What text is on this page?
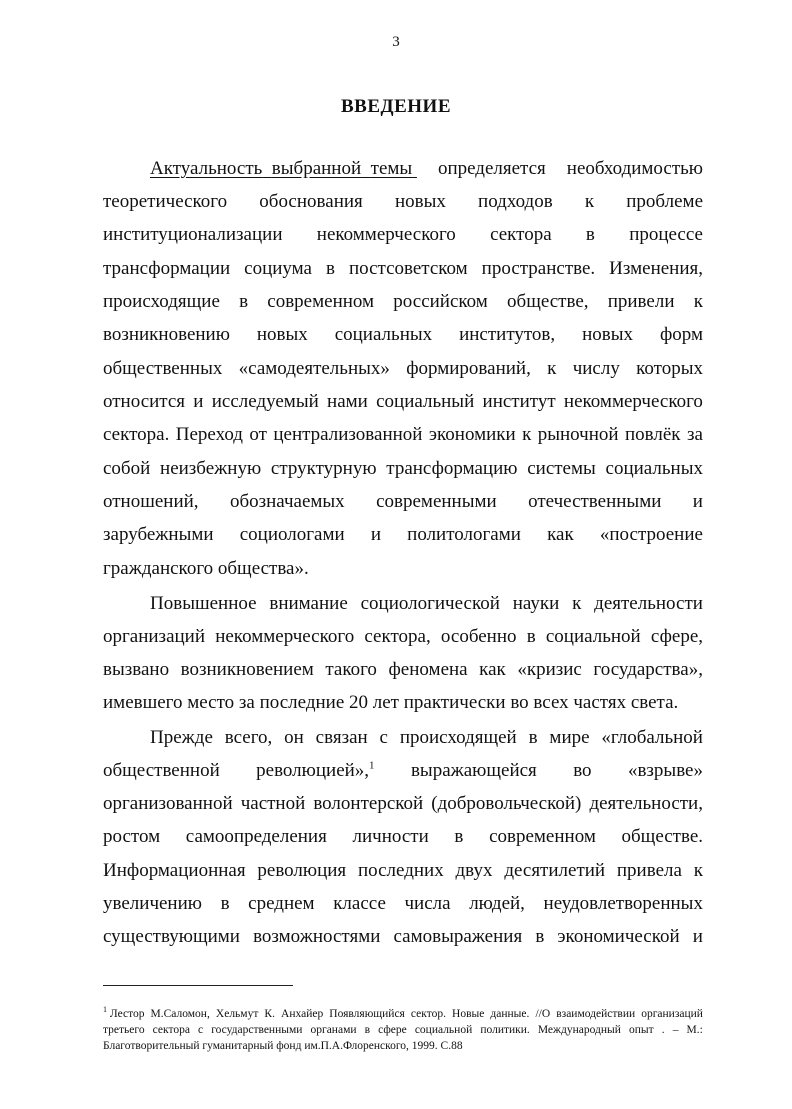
3
ВВЕДЕНИЕ
Актуальность выбранной темы определяется необходимостью
теоретического обоснования новых подходов к проблеме
институционализации некоммерческого сектора в процессе
трансформации социума в постсоветском пространстве. Изменения,
происходящие в современном российском обществе, привели к
возникновению новых социальных институтов, новых форм
общественных «самодеятельных» формирований, к числу которых
относится и исследуемый нами социальный институт некоммерческого
сектора. Переход от централизованной экономики к рыночной повлёк за
собой неизбежную структурную трансформацию системы социальных
отношений, обозначаемых современными отечественными и
зарубежными социологами и политологами как «построение
гражданского общества».
Повышенное внимание социологической науки к деятельности
организаций некоммерческого сектора, особенно в социальной сфере,
вызвано возникновением такого феномена как «кризис государства»,
имевшего место за последние 20 лет практически во всех частях света.
Прежде всего, он связан с происходящей в мире «глобальной
общественной революцией»,$^1$ выражающейся во «взрыве»
организованной частной волонтерской (добровольческой) деятельности,
ростом самоопределения личности в современном обществе.
Информационная революция последних двух десятилетий привела к
увеличению в среднем классе числа людей, неудовлетворенных
существующими возможностями самовыражения в экономической и
$^1$ Лестор М.Саломон, Хельмут К. Анхайер Появляющийся сектор. Новые данные. //О взаимодействии организаций
третьего сектора с государственными органами в сфере социальной политики. Международный опыт . – М.:
Благотворительный гуманитарный фонд им.П.А.Флоренского, 1999. С.88
